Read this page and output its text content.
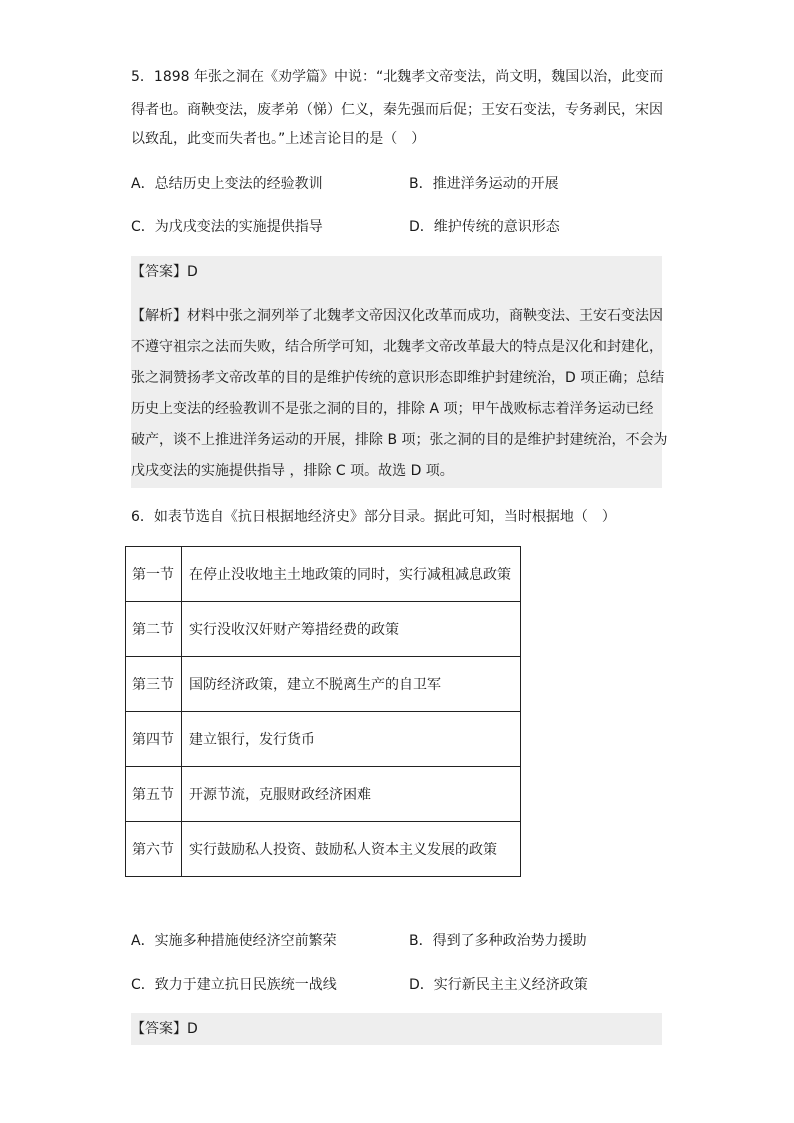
5．1898 年张之洞在《劝学篇》中说：“北魏孝文帝变法，尚文明，魏国以治，此变而
得者也。商鞅变法，废孝弟（悌）仁义，秦先强而后促；王安石变法，专务剥民，宋因
以致乱，此变而失者也。”上述言论目的是（　）
A．总结历史上变法的经验教训	B．推进洋务运动的开展
C．为戊戌变法的实施提供指导	D．维护传统的意识形态
【答案】D
【解析】材料中张之洞列举了北魏孝文帝因汉化改革而成功，商鞅变法、王安石变法因
不遵守祖宗之法而失败，结合所学可知，北魏孝文帝改革最大的特点是汉化和封建化，
张之洞赞扬孝文帝改革的目的是维护传统的意识形态即维护封建统治，D 项正确；总结
历史上变法的经验教训不是张之洞的目的，排除 A 项；甲午战败标志着洋务运动已经
破产，谈不上推进洋务运动的开展，排除 B 项；张之洞的目的是维护封建统治，不会为
戊戌变法的实施提供指导 ，排除 C 项。故选 D 项。
6．如表节选自《抗日根据地经济史》部分目录。据此可知，当时根据地（　）
第一节	在停止没收地主土地政策的同时，实行减租减息政策
第二节	实行没收汉奸财产筹措经费的政策
第三节	国防经济政策，建立不脱离生产的自卫军
第四节	建立银行，发行货币
第五节	开源节流，克服财政经济困难
第六节	实行鼓励私人投资、鼓励私人资本主义发展的政策
A．实施多种措施使经济空前繁荣	B．得到了多种政治势力援助
C．致力于建立抗日民族统一战线	D．实行新民主主义经济政策
【答案】D
